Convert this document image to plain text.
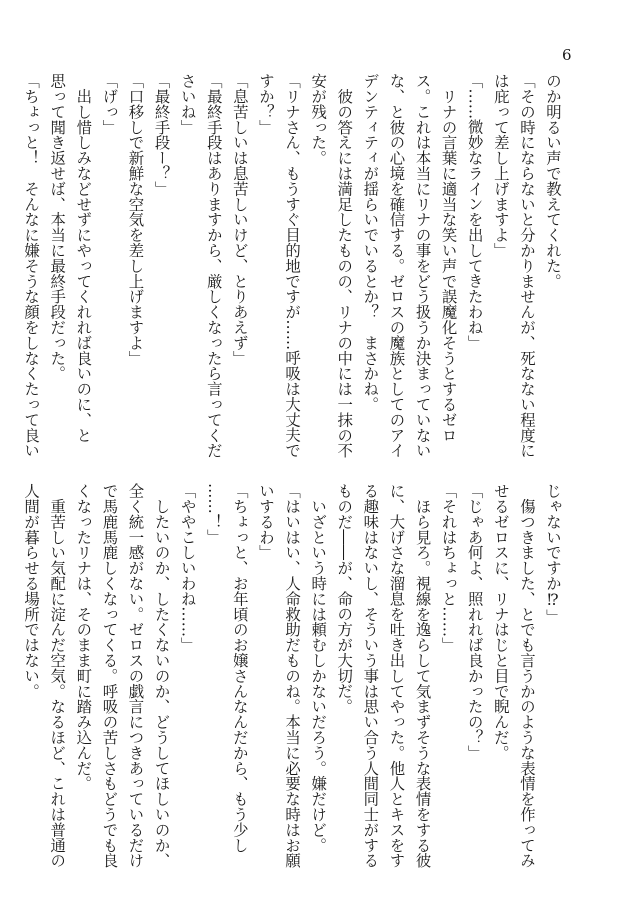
6

のか明るい声で教えてくれた。

「その時にならないと分かりませんが、死なない程度に

は庇って差し上げますよ」

「……微妙なラインを出してきたわね」

　リナの言葉に適当な笑い声で誤魔化そうとするゼロ

ス。これは本当にリナの事をどう扱うか決まっていない

な、と彼の心境を確信する。ゼロスの魔族としてのアイ

デンティティが揺らいでいるとか？　まさかね。

　彼の答えには満足したものの、リナの中には一抹の不

安が残った。

「リナさん、もうすぐ目的地ですが……呼吸は大丈夫で

すか？」

「息苦しいは息苦しいけど、とりあえず」

「最終手段はありますから、厳しくなったら言ってくだ

さいね」

「最終手段ー？」

「口移しで新鮮な空気を差し上げますよ」

「げっ」

　出し惜しみなどせずにやってくれれば良いのに、と

思って聞き返せば、本当に最終手段だった。

「ちょっと！　そんなに嫌そうな顔をしなくたって良い

じゃないですか⁉」

　傷つきました、とでも言うかのような表情を作ってみ

せるゼロスに、リナはじと目で睨んだ。

「じゃあ何よ、照れれば良かったの？」

「それはちょっと……」

　ほら見ろ。視線を逸らして気まずそうな表情をする彼

に、大げさな溜息を吐き出してやった。他人とキスをす

る趣味はないし、そういう事は思い合う人間同士がする

ものだ――が、命の方が大切だ。

　いざという時には頼むしかないだろう。嫌だけど。

「はいはい、人命救助だものね。本当に必要な時はお願

いするわ」

「ちょっと、お年頃のお嬢さんなんだから、もう少し

……！」

「ややこしいわね……」

　したいのか、したくないのか、どうしてほしいのか、

全く統一感がない。ゼロスの戯言につきあっているだけ

で馬鹿馬鹿しくなってくる。呼吸の苦しさもどうでも良

くなったリナは、そのまま町に踏み込んだ。

　重苦しい気配に淀んだ空気。なるほど、これは普通の

人間が暮らせる場所ではない。
